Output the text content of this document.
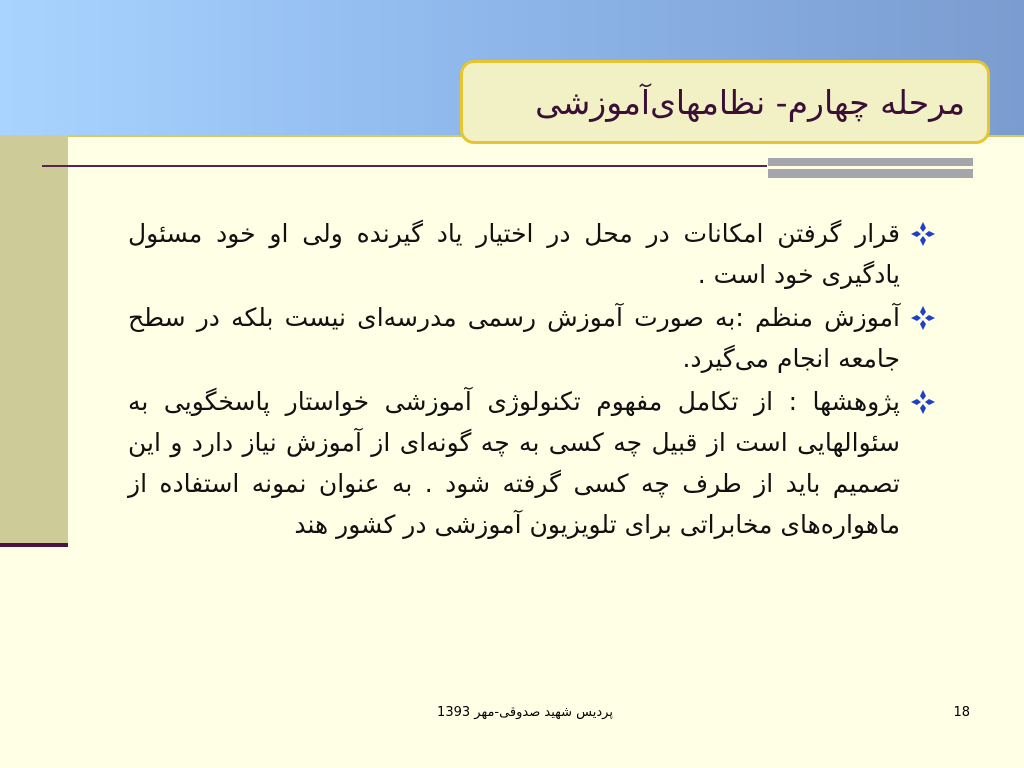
مرحله چهارم- نظامهای‌آموزشی
قرار گرفتن امکانات در محل در اختیار یاد گیرنده ولی او خود مسئول یادگیری خود است .
آموزش منظم :به صورت آموزش رسمی مدرسه‌ای نیست بلکه در سطح جامعه انجام می‌گیرد.
پژوهشها : از تکامل مفهوم تکنولوژی آموزشی خواستار پاسخگویی به سئوالهایی است از قبیل چه کسی به چه گونه‌ای از آموزش نیاز دارد و این تصمیم باید از طرف چه کسی گرفته شود . به عنوان نمونه استفاده از ماهواره‌های مخابراتی برای تلویزیون آموزشی در کشور هند
پردیس شهید صدوقی-مهر 1393	18
